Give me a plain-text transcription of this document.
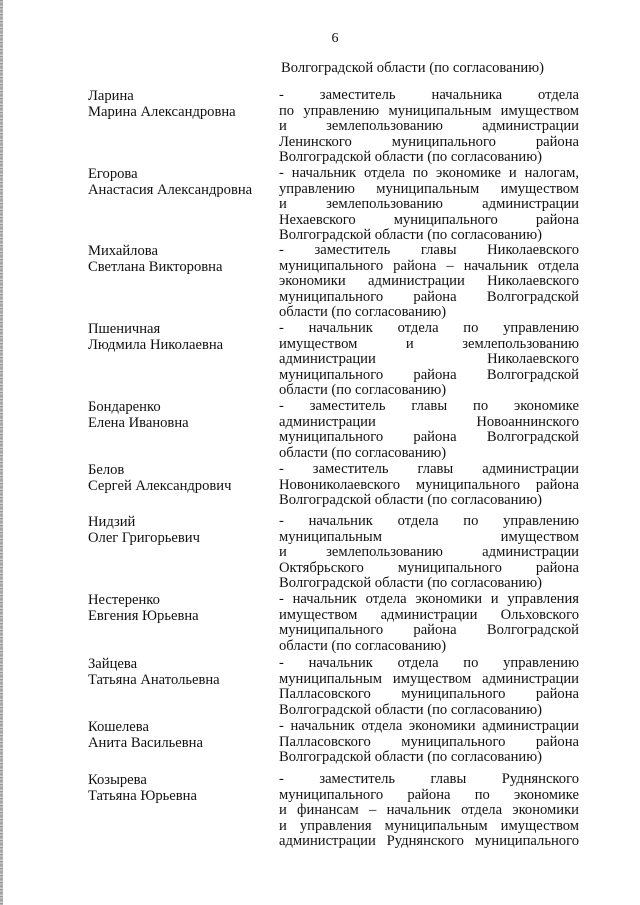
6
Волгоградской области (по согласованию)
Ларина
Марина Александровна
- заместитель начальника отдела
по управлению муниципальным имуществом
и землепользованию администрации
Ленинского муниципального района
Волгоградской области (по согласованию)
Егорова
Анастасия Александровна
- начальник отдела по экономике и налогам,
управлению муниципальным имуществом
и землепользованию администрации
Нехаевского муниципального района
Волгоградской области (по согласованию)
Михайлова
Светлана Викторовна
- заместитель главы Николаевского
муниципального района – начальник отдела
экономики администрации Николаевского
муниципального района Волгоградской
области (по согласованию)
Пшеничная
Людмила Николаевна
- начальник отдела по управлению
имуществом и землепользованию
администрации Николаевского
муниципального района Волгоградской
области (по согласованию)
Бондаренко
Елена Ивановна
- заместитель главы по экономике
администрации Новоаннинского
муниципального района Волгоградской
области (по согласованию)
Белов
Сергей Александрович
- заместитель главы администрации
Новониколаевского муниципального района
Волгоградской области (по согласованию)
Нидзий
Олег Григорьевич
- начальник отдела по управлению
муниципальным имуществом
и землепользованию администрации
Октябрьского муниципального района
Волгоградской области (по согласованию)
Нестеренко
Евгения Юрьевна
- начальник отдела экономики и управления
имуществом администрации Ольховского
муниципального района Волгоградской
области (по согласованию)
Зайцева
Татьяна Анатольевна
- начальник отдела по управлению
муниципальным имуществом администрации
Палласовского муниципального района
Волгоградской области (по согласованию)
Кошелева
Анита Васильевна
- начальник отдела экономики администрации
Палласовского муниципального района
Волгоградской области (по согласованию)
Козырева
Татьяна Юрьевна
- заместитель главы Руднянского
муниципального района по экономике
и финансам – начальник отдела экономики
и управления муниципальным имуществом
администрации Руднянского муниципального
